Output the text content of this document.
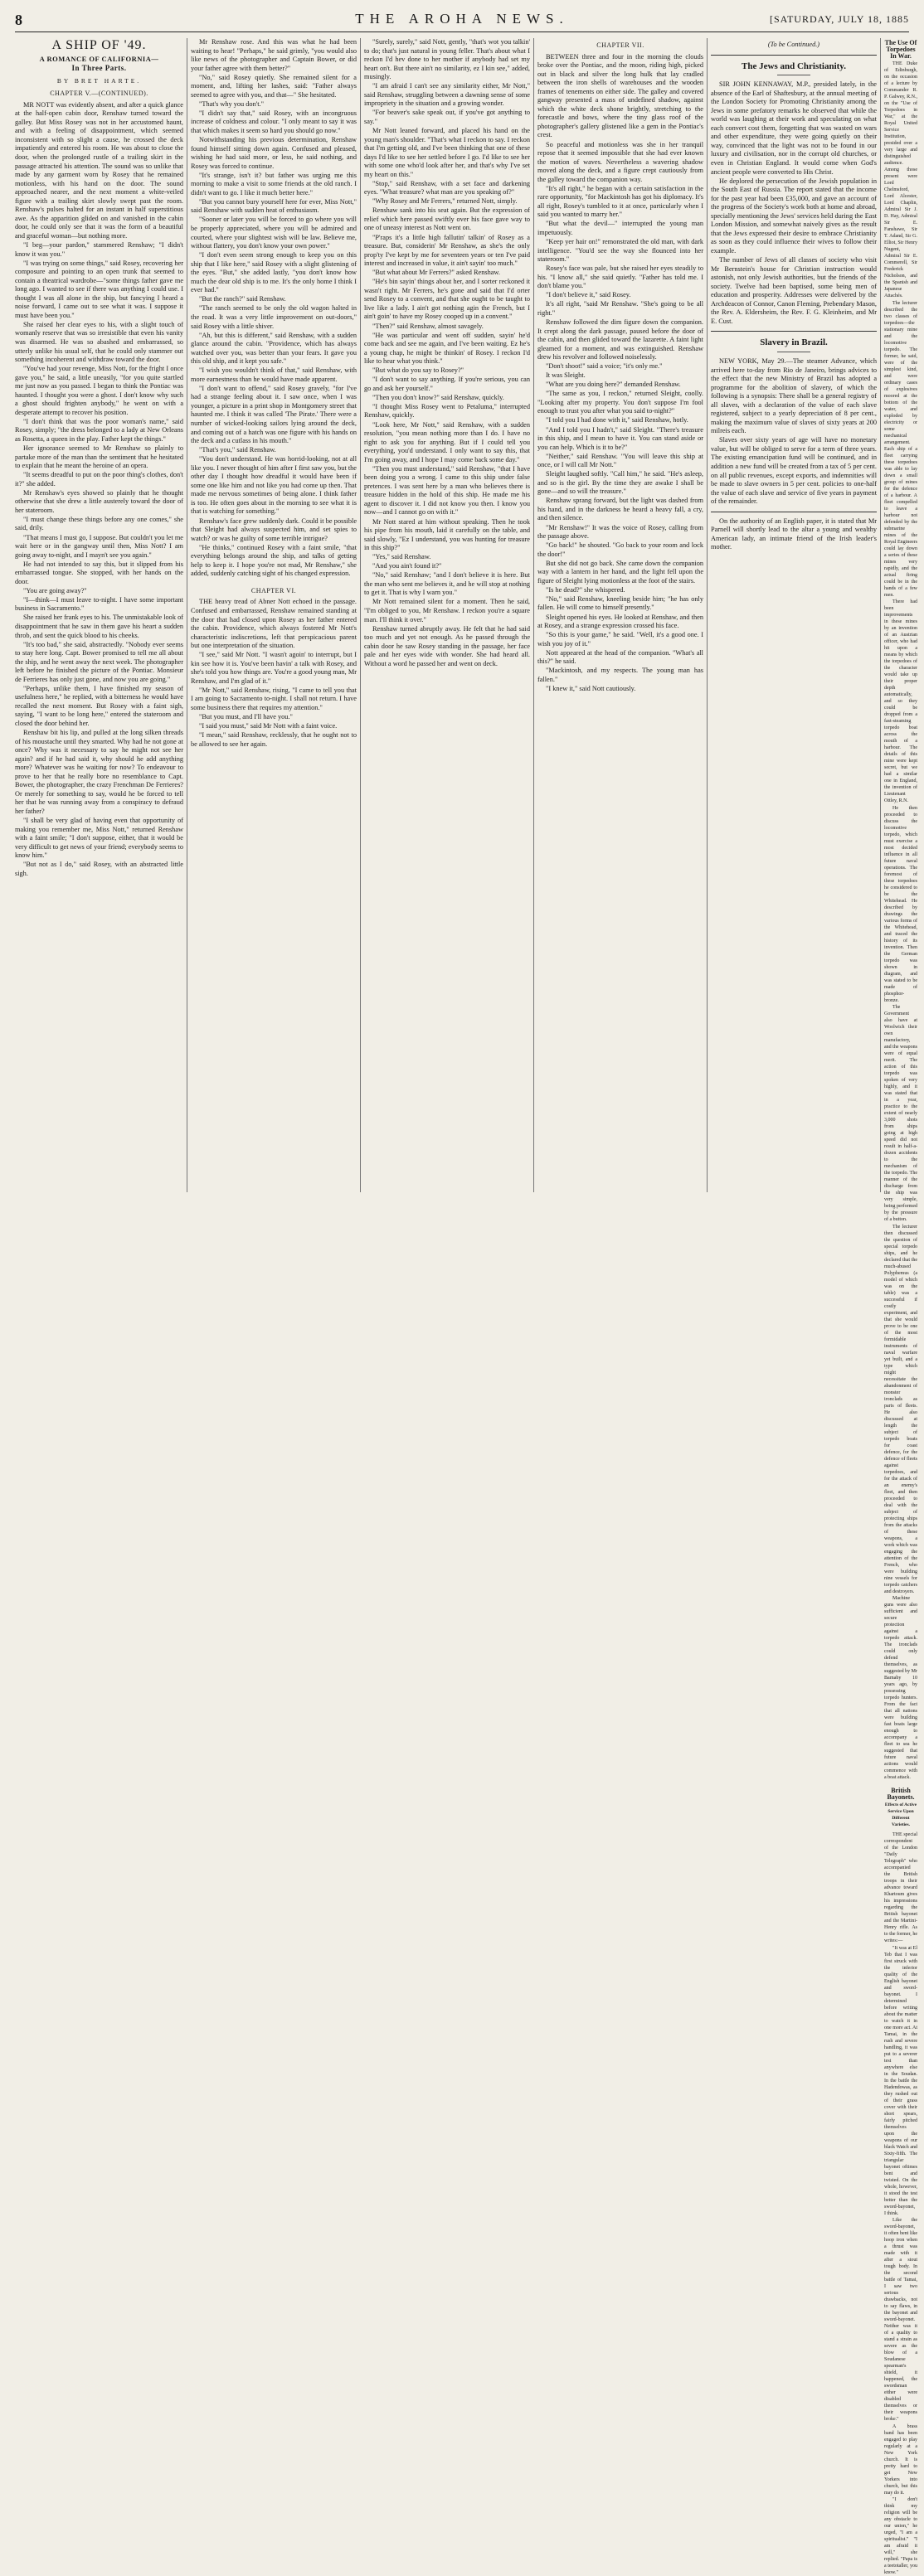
8	THE AROHA NEWS.	[SATURDAY, JULY 18, 1885
A SHIP OF '49.
A ROMANCE OF CALIFORNIA—
In Three Parts.
BY BRET HARTE.
CHAPTER V.—(CONTINUED).

MR NOTT was evidently absent, and after a quick glance at the half-open cabin door, Renshaw turned toward the galley. But Miss Rosey was not in her accustomed haunt, and with a feeling of disappointment, which seemed inconsistent with so slight a cause, he crossed the deck impatiently and entered his room. He was about to close the door, when the prolonged rustle of a trailing skirt in the passage attracted his attention. The sound was so unlike that made by any garment worn by Rosey that he remained motionless, with his hand on the door. The sound approached nearer, and the next moment a white-veiled figure with a trailing skirt slowly swept past the room. Renshaw's pulses halted for an instant in half superstitious awe. As the apparition glided on and vanished in the cabin door, he could only see that it was the form of a beautiful and graceful woman—but nothing more.

"I beg—your pardon," stammered Renshaw; "I didn't know it was you."

"I was trying on some things," said Rosey, recovering her composure and pointing to an open trunk that seemed to contain a theatrical wardrobe—"some things father gave me long ago. I wanted to see if there was anything I could use. I thought I was all alone in the ship, but fancying I heard a noise forward, I came out to see what it was. I suppose it must have been you."

She raised her clear eyes to his, with a slight touch of womanly reserve that was so irresistible that even his vanity was disarmed. He was so abashed and embarrassed, so utterly unlike his usual self, that he could only stammer out something incoherent and withdraw toward the door.

"You've had your revenge, Miss Nott, for the fright I once gave you," he said, a little uneasily, "for you quite startled me just now as you passed. I began to think the Pontiac was haunted. I thought you were a ghost. I don't know why such a ghost should frighten anybody," he went on with a desperate attempt to recover his position.

"I don't think that was the poor woman's name," said Rosey, simply; "the dress belonged to a lady at New Orleans as Rosetta, a queen in the play. Father kept the things."

Her ignorance seemed to Mr Renshaw so plainly to partake more of the man than the sentiment that he hesitated to explain that he meant the heroine of an opera.

"It seems dreadful to put on the poor thing's clothes, don't it?" she added.

Mr Renshaw's eyes showed so plainly that he thought otherwise that she drew a little austerely toward the door of her stateroom.

"I must change these things before any one comes," she said, drily.

"That means I must go, I suppose. But couldn't you let me wait here or in the gangway until then, Miss Nott? I am going away to-night, and I mayn't see you again."

He had not intended to say this, but it slipped from his embarrassed tongue. She stopped, with her hands on the door.

"You are going away?"

"I—think—I must leave to-night. I have some important business in Sacramento."

She raised her frank eyes to his. The unmistakable look of disappointment that he saw in them gave his heart a sudden throb, and sent the quick blood to his cheeks.

"It's too bad," she said, abstractedly. "Nobody ever seems to stay here long. Capt. Bower promised to tell me all about the ship, and he went away the next week. The photographer left before he finished the picture of the Pontiac. Monsieur de Ferrieres has only just gone, and now you are going."

"Perhaps, unlike them, I have finished my season of usefulness here," he replied, with a bitterness he would have recalled the next moment. But Rosey with a faint sigh, saying, "I want to be long here," entered the stateroom and closed the door behind her.

Renshaw bit his lip, and pulled at the long silken threads of his moustache until they smarted. Why had he not gone at once? Why was it necessary to say he might not see her again? and if he had said it, why should he add anything more? Whatever was he waiting for now? To endeavour to prove to her that he really bore no resemblance to Capt. Bower, the photographer, the crazy Frenchman De Ferrieres? Or merely for something to say, would he be forced to tell her that he was running away from a conspiracy to defraud her father?

"I shall be very glad of having even that opportunity of making you remember me, Miss Nott," returned Renshaw with a faint smile; "I don't suppose, either, that it would be very difficult to get news of your friend; everybody seems to know him."

"But not as I do," said Rosey, with an abstracted little sigh.

Mr Renshaw rose. And this was what he had been waiting to hear! "Perhaps," he said grimly, "you would also like news of the photographer and Captain Bower, or did your father agree with them better?"

"No," said Rosey quietly. She remained silent for a moment, and, lifting her lashes, said: "Father always seemed to agree with you, and that—" She hesitated.

"That's why you don't."

"I didn't say that," said Rosey, with an incongruous increase of coldness and colour. "I only meant to say it was that which makes it seem so hard you should go now."

Notwithstanding his previous determination, Renshaw found himself sitting down again. Confused and pleased, wishing he had said more, or less, he said nothing, and Rosey was forced to continue.

"It's strange, isn't it? but father was urging me this morning to make a visit to some friends at the old ranch. I didn't want to go. I like it much better here."

"But you cannot bury yourself here for ever, Miss Nott," said Renshaw with sudden heat of enthusiasm.

"Sooner or later you will be forced to go where you will be properly appreciated, where you will be admired and courted, where your slightest wish will be law. Believe me, without flattery, you don't know your own power."

"I don't even seem strong enough to keep you on this ship that I like here," said Rosey with a slight glistening of the eyes. "But," she added lastly, "you don't know how much the dear old ship is to me. It's the only home I think I ever had."

"But the ranch?" said Renshaw.

"The ranch seemed to be only the old wagon halted in the road. It was a very little improvement on out-doors," said Rosey with a little shiver.

"Ah, but this is different," said Renshaw, with a sudden glance around the cabin. "Providence, which has always watched over you, was better than your fears. It gave you this old ship, and it kept you safe."

"I wish you wouldn't think of that," said Renshaw, with more earnestness than he would have made apparent.

"I don't want to offend," said Rosey gravely, "for I've had a strange feeling about it. I saw once, when I was younger, a picture in a print shop in Montgomery street that haunted me. I think it was called 'The Pirate.' There were a number of wicked-looking sailors lying around the deck, and coming out of a hatch was one figure with his hands on the deck and a cutlass in his mouth."

"That's you," said Renshaw.

"You don't understand. He was horrid-looking, not at all like you. I never thought of him after I first saw you, but the other day I thought how dreadful it would have been if some one like him and not like you had come up then. That made me nervous sometimes of being alone. I think father is too. He often goes about in the morning to see what it is that is watching for something."

Renshaw's face grew suddenly dark. Could it be possible that Sleight had always suspected him, and set spies to watch? or was he guilty of some terrible intrigue?

"He thinks," continued Rosey with a faint smile, "that everything belongs around the ship, and talks of getting help to keep it. I hope you're not mad, Mr Renshaw," she added, suddenly catching sight of his changed expression.

CHAPTER VI.

THE heavy tread of Abner Nott echoed in the passage. Confused and embarrassed, Renshaw remained standing at the door that had closed upon Rosey as her father entered the cabin. Providence, which always fostered Mr Nott's characteristic indiscretions, left that perspicacious parent but one interpretation of the situation.

"I see," said Mr Nott. "I wasn't agoin' to interrupt, but I kin see how it is. You've been havin' a talk with Rosey, and she's told you how things are. You're a good young man, Mr Renshaw, and I'm glad of it."

"Mr Nott," said Renshaw, rising, "I came to tell you that I am going to Sacramento to-night. I shall not return. I have some business there that requires my attention."

"But you must, and I'll have you."

"I said you must," said Mr Nott with a faint voice.

"I mean," said Renshaw, recklessly, that he ought not to be allowed to see her again.

"Surely, surely," said Nott, gently, "that's wot you talkin' to do; that's just natural in young feller. That's about what I reckon I'd hev done to her mother if anybody had set my heart on't. But there ain't no similarity, ez I kin see," added, musingly.

"I am afraid I can't see any similarity either, Mr Nott," said Renshaw, struggling between a dawning sense of some impropriety in the situation and a growing wonder.

"For beaver's sake speak out, if you've got anything to say."

Mr Nott leaned forward, and placed his hand on the young man's shoulder. "That's what I reckon to say. I reckon that I'm getting old, and I've been thinking that one of these days I'd like to see her settled before I go. I'd like to see her with some one who'd look after her, and that's why I've set my heart on this."

"Stop," said Renshaw, with a set face and darkening eyes. "What treasure? what man are you speaking of?"

"Why Rosey and Mr Ferrers," returned Nott, simply.

Renshaw sank into his seat again. But the expression of relief which here passed swiftly over his face gave way to one of uneasy interest as Nott went on.

"P'raps it's a little high fallutin' talkin' of Rosey as a treasure. But, considerin' Mr Renshaw, as she's the only prop'ty I've kept by me for seventeen years or ten I've paid interest and increased in value, it ain't sayin' too much."

"But what about Mr Ferrers?" asked Renshaw.

"He's bin sayin' things about her, and I sorter reckoned it wasn't right. Mr Ferrers, he's gone and said that I'd orter send Rosey to a convent, and that she ought to be taught to live like a lady. I ain't got nothing agin the French, but I ain't goin' to have my Rosey cooped up in a convent."

"Then?" said Renshaw, almost savagely.

"He was particular and went off sudden, sayin' he'd come back and see me again, and I've been waiting. Ez he's a young chap, he might be thinkin' of Rosey. I reckon I'd like to hear what you think."

"But what do you say to Rosey?"

"I don't want to say anything. If you're serious, you can go and ask her yourself."

"Then you don't know?" said Renshaw, quickly.

"I thought Miss Rosey went to Petaluma," interrupted Renshaw, quickly.

"Look here, Mr Nott," said Renshaw, with a sudden resolution, "you mean nothing more than I do. I have no right to ask you for anything. But if I could tell you everything, you'd understand. I only want to say this, that I'm going away, and I hope I may come back some day."

"Then you must understand," said Renshaw, "that I have been doing you a wrong. I came to this ship under false pretences. I was sent here by a man who believes there is treasure hidden in the hold of this ship. He made me his agent to discover it. I did not know you then. I know you now—and I cannot go on with it."

Mr Nott stared at him without speaking. Then he took his pipe from his mouth, laid it carefully on the table, and said slowly, "Ez I understand, you was hunting for treasure in this ship?"

"Yes," said Renshaw.

"And you ain't found it?"

"No," said Renshaw; "and I don't believe it is here. But the man who sent me believes it, and he will stop at nothing to get it. That is why I warn you."

Mr Nott remained silent for a moment. Then he said, "I'm obliged to you, Mr Renshaw. I reckon you're a square man. I'll think it over."

Renshaw turned abruptly away. He felt that he had said too much and yet not enough. As he passed through the cabin door he saw Rosey standing in the passage, her face pale and her eyes wide with wonder. She had heard all. Without a word he passed her and went on deck.

CHAPTER VII.

BETWEEN three and four in the morning the clouds broke over the Pontiac, and the moon, riding high, picked out in black and silver the long hulk that lay cradled between the iron shells of warehouses and the wooden frames of tenements on either side. The galley and covered gangway presented a mass of undefined shadow, against which the white deck shone brightly, stretching to the forecastle and bows, where the tiny glass roof of the photographer's gallery glistened like a gem in the Pontiac's crest.

So peaceful and motionless was she in her tranquil repose that it seemed impossible that she had ever known the motion of waves. Nevertheless a wavering shadow moved along the deck, and a figure crept cautiously from the galley toward the companion way.

"It's all right," he began with a certain satisfaction in the rare opportunity, "for Mackintosh has got his diplomacy. It's all right, Rosey's tumbled to it at once, particularly when I said you wanted to marry her."

"But what the devil—" interrupted the young man impetuously.

"Keep yer hair on!" remonstrated the old man, with dark intelligence. "You'd see the way she flounced into her stateroom."

Rosey's face was pale, but she raised her eyes steadily to his. "I know all," she said quietly. "Father has told me. I don't blame you."

"I don't believe it," said Rosey.

It's all right, "said Mr Renshaw. "She's going to be all right."

Renshaw followed the dim figure down the companion. It crept along the dark passage, paused before the door of the cabin, and then glided toward the lazarette. A faint light gleamed for a moment, and was extinguished. Renshaw drew his revolver and followed noiselessly.

"Don't shoot!" said a voice; "it's only me."

It was Sleight.

"What are you doing here?" demanded Renshaw.

"The same as you, I reckon," returned Sleight, coolly. "Looking after my property. You don't suppose I'm fool enough to trust you after what you said to-night?"

"I told you I had done with it," said Renshaw, hotly.

"And I told you I hadn't," said Sleight. "There's treasure in this ship, and I mean to have it. You can stand aside or you can help. Which is it to be?"

"Neither," said Renshaw. "You will leave this ship at once, or I will call Mr Nott."

Sleight laughed softly. "Call him," he said. "He's asleep, and so is the girl. By the time they are awake I shall be gone—and so will the treasure."

Renshaw sprang forward, but the light was dashed from his hand, and in the darkness he heard a heavy fall, a cry, and then silence.

"Mr Renshaw!" It was the voice of Rosey, calling from the passage above.

"Go back!" he shouted. "Go back to your room and lock the door!"

But she did not go back. She came down the companion way with a lantern in her hand, and the light fell upon the figure of Sleight lying motionless at the foot of the stairs.

"Is he dead?" she whispered.

"No," said Renshaw, kneeling beside him; "he has only fallen. He will come to himself presently."

Sleight opened his eyes. He looked at Renshaw, and then at Rosey, and a strange expression crossed his face.

"So this is your game," he said. "Well, it's a good one. I wish you joy of it."

Nott appeared at the head of the companion. "What's all this?" he said.

"Mackintosh, and my respects. The young man has fallen."

"I knew it," said Nott cautiously.

(To be Continued.)
The Jews and Christianity.

SIR JOHN KENNAWAY, M.P., presided lately, in the absence of the Earl of Shaftesbury, at the annual meeting of the London Society for Promoting Christianity among the Jews in some prefatory remarks he observed that while the world was laughing at their work and speculating on what each convert cost them, forgetting that was wasted on wars and other expenditure, they were going quietly on their way, convinced that the light was not to be found in our luxury and civilisation, nor in the corrupt old churches, or even in Christian England. It would come when God's ancient people were converted to His Christ.

He deplored the persecution of the Jewish population in the South East of Russia. The report stated that the income for the past year had been £35,000, and gave an account of the progress of the Society's work both at home and abroad, specially mentioning the Jews' services held during the East London Mission, and somewhat naively gives as the result that the Jews expressed their desire to embrace Christianity as soon as they could influence their wives to follow their example.

The number of Jews of all classes of society who visit Mr Bernstein's house for Christian instruction would astonish, not only Jewish authorities, but the friends of the society. Twelve had been baptised, some being men of education and prosperity. Addresses were delivered by the Archdeacon of Connor, Canon Fleming, Prebendary Mason, the Rev. A. Eldersheim, the Rev. F. G. Kleinheim, and Mr E. Cust.

Slavery in Brazil.

NEW YORK, May 29.—The steamer Advance, which arrived here to-day from Rio de Janeiro, brings advices to the effect that the new Ministry of Brazil has adopted a programme for the abolition of slavery, of which the following is a synopsis: There shall be a general registry of all slaves, with a declaration of the value of each slave registered, subject to a yearly depreciation of 8 per cent., making the maximum value of slaves of sixty years at 200 milreis each.

Slaves over sixty years of age will have no monetary value, but will be obliged to serve for a term of three years. The existing emancipation fund will be continued, and in addition a new fund will be created from a tax of 5 per cent. on all public revenues, except exports, and indemnities will be made to slave owners in 5 per cent. policies to one-half the value of each slave and service of five years in payment of the remainder.

On the authority of an English paper, it is stated that Mr Parnell will shortly lead to the altar a young and wealthy American lady, an intimate friend of the Irish leader's mother.

The Use Of Torpedoes In War.

THE Duke of Edinburgh, on the occasion of a lecture by Commander R. P. Galwey, R.N., on the "Use of Torpedoes in War," at the Royal United Service Institution, presided over a very large and distinguished audience. Among those present were Lord Chelmsford, Lord Alcester, Lord Chaplin, Admiral Sir J. D. Hay, Admiral Sir E. Fanshawe, Sir T. Adand, Sir G. Elliot, Sir Henry Nugent, Admiral Sir E. Commerell, Sir Frederick Nicholson, and the Spanish and Japanese Attachés.

The lecturer described the two classes of torpedoes—the stationary mine and the locomotive torpedo. The former, he said, were of the simplest kind, and were ordinary cases of explosives moored at the bottom of the water, and exploded by electricity or some mechanical arrangement. Each ship of a fleet carrying these torpedoes was able to lay down a small group of mines for the defence of a harbour. A fleet compelled to leave a harbour not defended by the submarine mines of the Royal Engineers could lay down a series of these mines very rapidly, and the actual firing could be in the hands of a few men.

There had been improvements in these mines by an invention of an Austrian officer, who had hit upon a means by which the torpedoes of the character would take up their proper depth automatically, and so they could be dropped from a fast-steaming torpedo boat across the mouth of a harbour. The details of this mine were kept secret, but we had a similar one in England, the invention of Lieutenant Ottley, R.N.

He then proceeded to discuss the locomotive torpedo, which must exercise a most decided influence in all future naval operations. The foremost of these torpedoes he considered to be the Whitehead. He described by drawings the various forms of the Whitehead, and traced the history of its invention. Then the German torpedo was shown in diagram, and was stated to be made of phosphor-bronze.

The Government also have at Woolwich their own manufactory, and the weapons were of equal merit. The action of this torpedo was spoken of very highly, and it was stated that in a year, practice to the extent of nearly 3,000 shots from ships going at high speed did not result in half-a-dozen accidents to the mechanism of the torpedo. The manner of the discharge from the ship was very simple, being performed by the pressure of a button.

The lecturer then discussed the question of special torpedo ships, and he declared that the much-abused Polyphemus (a model of which was on the table) was a successful if costly experiment, and that she would prove to be one of the most formidable instruments of naval warfare yet built, and a type which might necessitate the abandonment of monster ironclads as parts of fleets. He also discussed at length the subject of torpedo boats for coast defence, for the defence of fleets against torpedoes, and for the attack of an enemy's fleet, and then proceeded to deal with the subject of protecting ships from the attacks of these weapons, a work which was engaging the attention of the French, who were building nine vessels for torpedo catchers and destroyers.

Machine guns were also sufficient and secure protection against a torpedo attack. The ironclads could only defend themselves, as suggested by Mr Barnaby 10 years ago, by possessing torpedo hunters. From the fact that all nations were building fast boats large enough to accompany a fleet to sea he suggested that future naval actions would commence with a boat attack.

British Bayonets.
Effects of Active Service Upon Different Varieties.

THE special correspondent of the London "Daily Telegraph" who accompanied the British troops in their advance toward Khartoum gives his impressions regarding the British bayonet and the Martini-Henry rifle. As to the former, he writes:—

"It was at El Teb that I was first struck with the inferior quality of the English bayonet and sword-bayonet. I determined before writing about the matter to watch it in one more act. At Tamai, in the rush and severe handling, it was put to a severer test than anywhere else in the Soudan. In the battle the Hadendowas, as they rushed out of their grass cover with their short spears, fairly pitched themselves upon the weapons of our black Watch and Sixty-fifth. The triangular bayonet oftimes bent and twisted. On the whole, however, it stood the test better than the sword-bayonet, I think.

Like the sword-bayonet, it often bent like hoop iron when a thrust was made with it after a stout tough body. In the second battle of Tamai, I saw two serious drawbacks, not to say flaws, in the bayonet and sword-bayonet. Neither was it of a quality to stand a strain as severe as the blow of a Soudanese spearman's shield, it happened, the swordsman either were disabled themselves or their weapons broke."

A brass band has been engaged to play regularly at a New York church. It is pretty hard to get New Yorkers into church, but this may do it.

"I don't think my religion will be any obstacle to our union," he urged, "I am a spiritualist." "I am afraid it will," she replied. "Papa is a teetotaller, you know."
